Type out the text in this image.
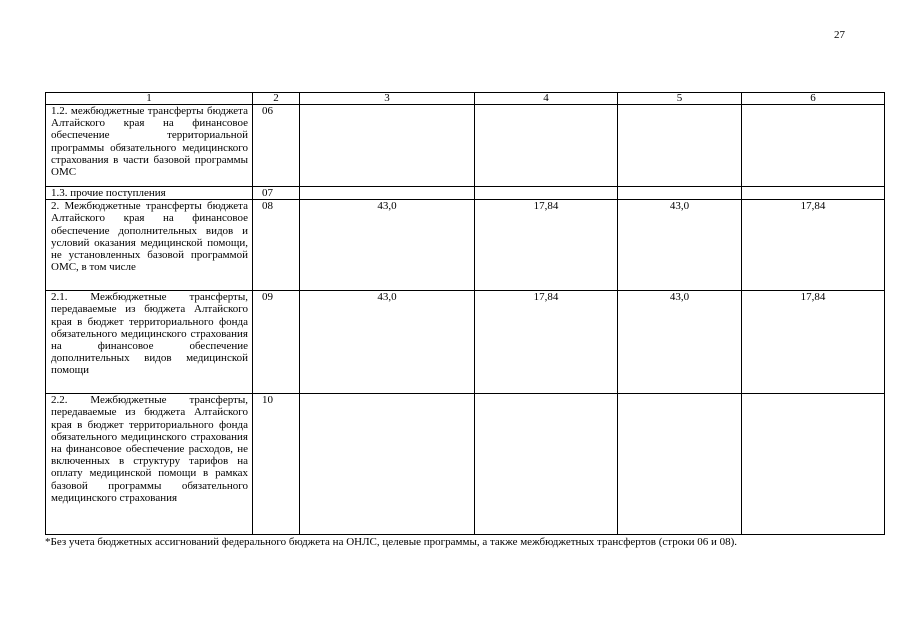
27
1	2	3	4	5	6
1.2. межбюджетные трансферты бюджета Алтайского края на финансовое обеспечение территориальной программы обязательного медицинского страхования в части базовой программы ОМС	06				
1.3. прочие поступления	07				
2. Межбюджетные трансферты бюджета Алтайского края на финансовое обеспечение дополнительных видов и условий оказания медицинской помощи, не установленных базовой программой ОМС, в том числе	08	43,0	17,84	43,0	17,84
2.1. Межбюджетные трансферты, передаваемые из бюджета Алтайского края в бюджет территориального фонда обязательного медицинского страхования на финансовое обеспечение дополнительных видов медицинской помощи	09	43,0	17,84	43,0	17,84
2.2. Межбюджетные трансферты, передаваемые из бюджета Алтайского края в бюджет территориального фонда обязательного медицинского страхования на финансовое обеспечение расходов, не включенных в структуру тарифов на оплату медицинской помощи в рамках базовой программы обязательного медицинского страхования	10				
*Без учета бюджетных ассигнований федерального бюджета на ОНЛС, целевые программы, а также межбюджетных трансфертов (строки 06 и 08).
